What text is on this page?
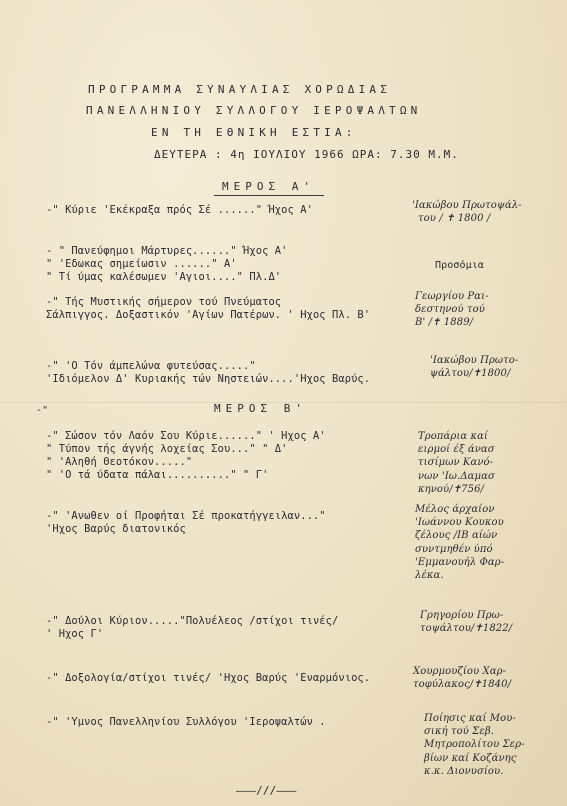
ΠΡΟΓΡΑΜΜΑ ΣΥΝΑΥΛΙΑΣ ΧΟΡΩΔΙΑΣ
ΠΑΝΕΛΛΗΝΙΟΥ ΣΥΛΛΟΓΟΥ ΙΕΡΟΨΑΛΤΩΝ
ΕΝ ΤΗ ΕΘΝΙΚΗ ΕΣΤΙΑ:
ΔΕΥΤΕΡΑ : 4η ΙΟΥΛΙΟΥ 1966 ΩΡΑ: 7.30 Μ.Μ.
ΜΕΡΟΣ Α'
-" Κύριε 'Εκέκραξα πρός Σέ ......" Ήχος Α'	'Ιακώβου Πρωτοψάλ-
του / ✝ 1800 /
- " Πανεύφημοι Μάρτυρες......" Ήχος Α'
" 'Εδωκας σημείωσιν ......" Α'
" Τί ύμας καλέσωμεν 'Αγιοι...." Πλ.Δ'
Προσόμια
-" Τής Μυστικής σήμερον τού Πνεύματος
Σάλπιγγος. Δοξαστικόν 'Αγίων Πατέρων. ' Ηχος Πλ. Β'
Γεωργίου Ραι-
δεστηνού τού
Β' /✝ 1889/
-" 'Ο Τόν άμπελώνα φυτεύσας....."
'Ιδιόμελον Δ' Κυριακής τών Νηστειών....'Ηχος Βαρύς.
'Ιακώβου Πρωτο-
ψάλτου/✝1800/
ΜΕΡΟΣ Β'
-"
-" Σώσον τόν Λαόν Σου Κύριε......" ' Ηχος Α'
" Τύπον τής άγνής λοχείας Σου..." " Δ'
" 'Αληθή Θεοτόκον....."
" 'Ο τά ύδατα πάλαι.........." " Γ'
Τροπάρια καί
ειρμοί έξ άνασ
τισίμων Κανό-
νων 'Ιω.Δαμασ
κηνού/✝756/
-" 'Ανωθεν οί Προφήται Σέ προκατήγγειλαν..."
'Ηχος Βαρύς διατονικός
Μέλος άρχαίον
'Ιωάννου Κουκου
ζέλους /ΙΒ αίών
συντμηθέν ύπό
'Εμμανουήλ Φαρ-
λέκα.
-" Δούλοι Κύριον....."Πολυέλεος /στίχοι τινές/
' Ηχος Γ'
Γρηγορίου Πρω-
τοψάλτου/✝1822/
-" Δοξολογία/στίχοι τινές/ 'Ηχος Βαρύς 'Εναρμόνιος.
Χουρμουζίου Χαρ-
τοφύλακος/✝1840/
-" 'Υμνος Πανελληνίου Συλλόγου 'Ιεροψαλτών .	Ποίησις καί Μου-
σική τού Σεβ.
Μητροπολίτου Σερ-
βίων καί Κοζάνης
κ.κ. Διονυσίου.
———///———
